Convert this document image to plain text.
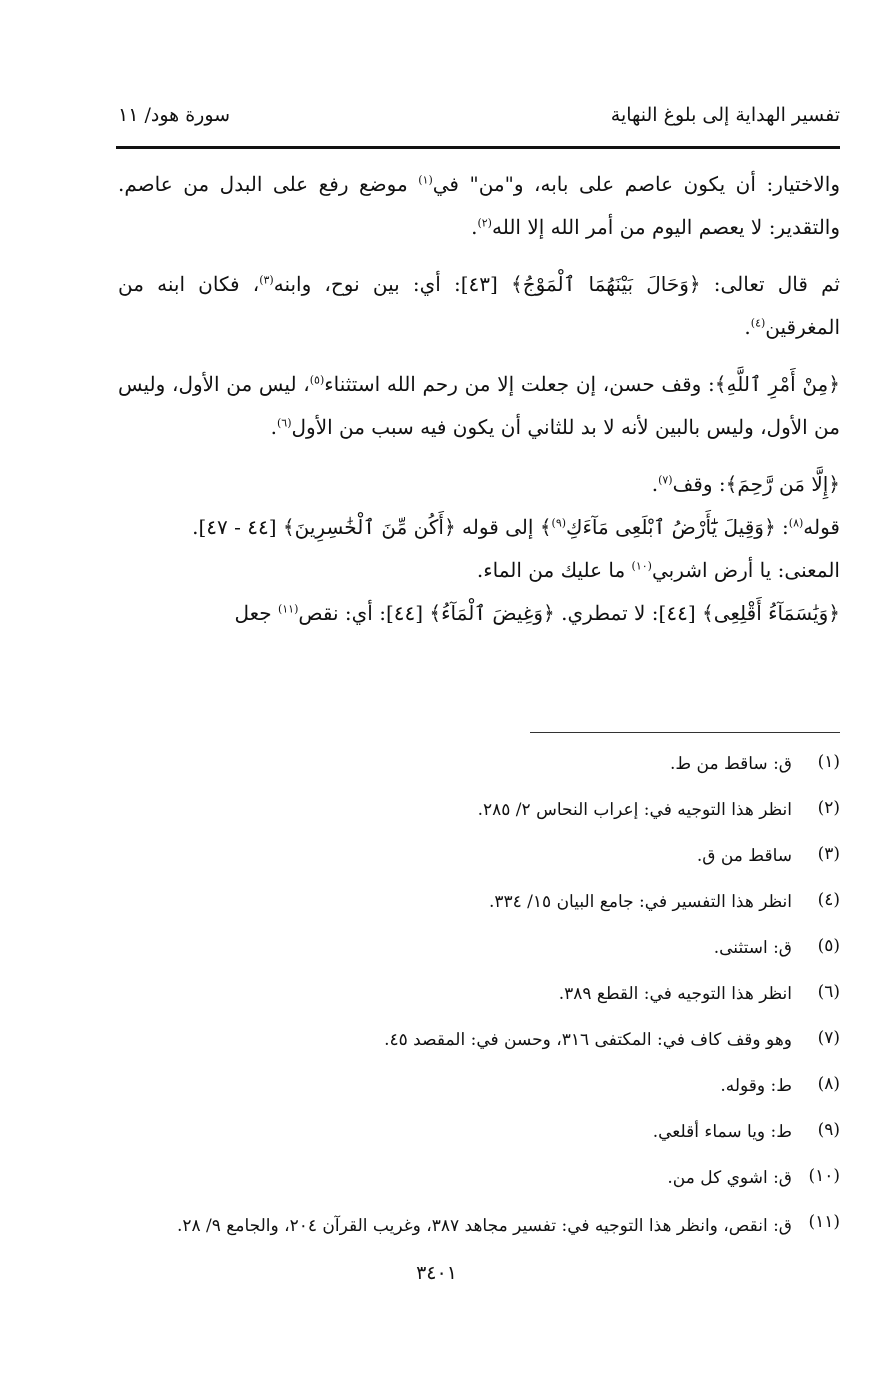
تفسير الهداية إلى بلوغ النهاية
سورة هود/ ١١

والاختيار: أن يكون عاصم على بابه، و"من" في$^{(١)}$ موضع رفع على البدل من عاصم. والتقدير: لا يعصم اليوم من أمر الله إلا الله$^{(٢)}$.

ثم قال تعالى: ﴿وَحَالَ بَيْنَهُمَا ٱلْمَوْجُ﴾ [٤٣]: أي: بين نوح، وابنه$^{(٣)}$، فكان ابنه من المغرقين$^{(٤)}$.

﴿مِنْ أَمْرِ ٱللَّهِ﴾: وقف حسن، إن جعلت إلا من رحم الله استثناء$^{(٥)}$، ليس من الأول، وليس من الأول، وليس بالبين لأنه لا بد للثاني أن يكون فيه سبب من الأول$^{(٦)}$.

﴿إِلَّا مَن رَّحِمَ﴾: وقف$^{(٧)}$.

قوله$^{(٨)}$: ﴿وَقِيلَ يَٰٓأَرْضُ ٱبْلَعِى مَآءَكِ$^{(٩)}$﴾ إلى قوله ﴿أَكُن مِّنَ ٱلْخَٰسِرِينَ﴾ [٤٤ - ٤٧].

المعنى: يا أرض اشربي$^{(١٠)}$ ما عليك من الماء.

﴿وَيَٰسَمَآءُ أَقْلِعِى﴾ [٤٤]: لا تمطري. ﴿وَغِيضَ ٱلْمَآءُ﴾ [٤٤]: أي: نقص$^{(١١)}$ جعل

(١)
ق: ساقط من ط.
(٢)
انظر هذا التوجيه في: إعراب النحاس ٢/ ٢٨٥.
(٣)
ساقط من ق.
(٤)
انظر هذا التفسير في: جامع البيان ١٥/ ٣٣٤.
(٥)
ق: استثنى.
(٦)
انظر هذا التوجيه في: القطع ٣٨٩.
(٧)
وهو وقف كاف في: المكتفى ٣١٦، وحسن في: المقصد ٤٥.
(٨)
ط: وقوله.
(٩)
ط: ويا سماء أقلعي.
(١٠)
ق: اشوي كل من.
(١١)
ق: انقص، وانظر هذا التوجيه في: تفسير مجاهد ٣٨٧، وغريب القرآن ٢٠٤، والجامع ٩/ ٢٨.
٣٤٠١
